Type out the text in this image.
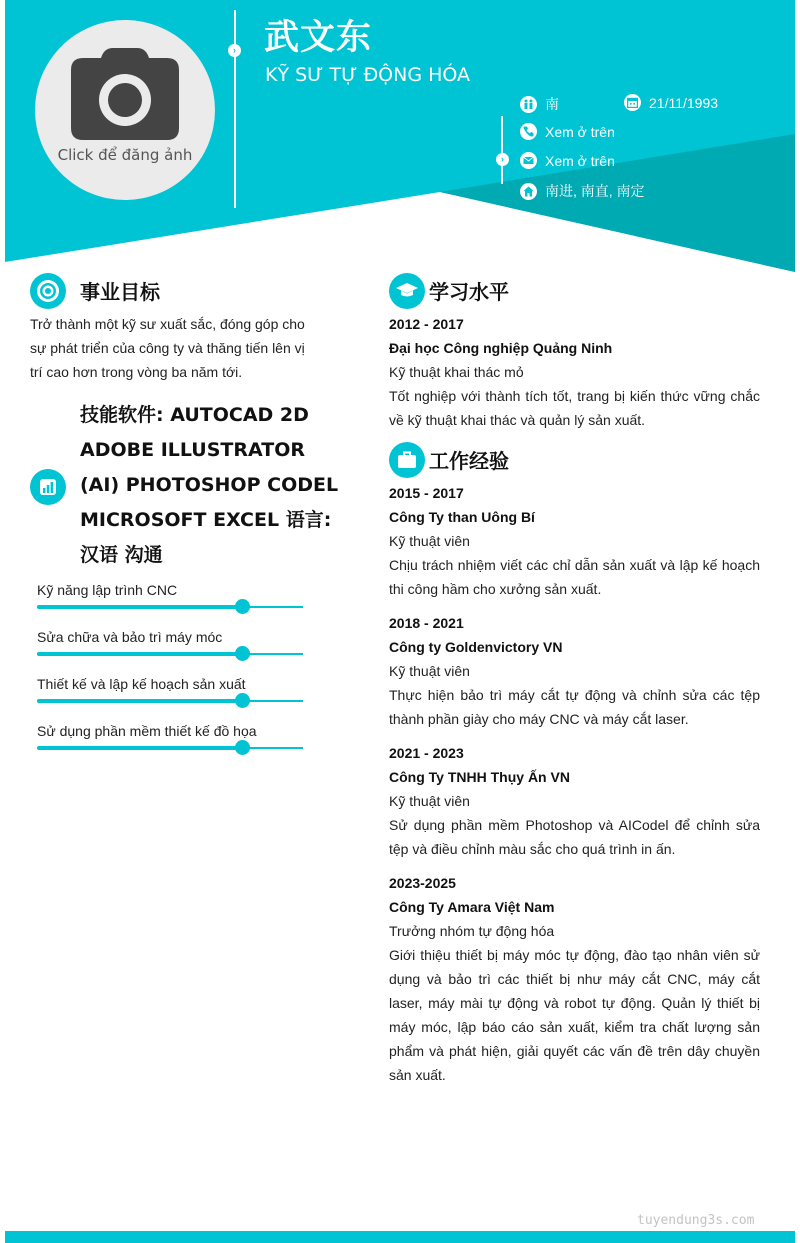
Click để đăng ảnh
›
›
武文东
KỸ SƯ TỰ ĐỘNG HÓA
南	21/11/1993
Xem ở trên
Xem ở trên
南进, 南直, 南定
事业目标
Trở thành một kỹ sư xuất sắc, đóng góp cho sự phát triển của công ty và thăng tiến lên vị trí cao hơn trong vòng ba năm tới.
技能软件: AUTOCAD 2D ADOBE ILLUSTRATOR (AI) PHOTOSHOP CODEL MICROSOFT EXCEL 语言: 汉语 沟通
Kỹ năng lập trình CNC
Sửa chữa và bảo trì máy móc
Thiết kế và lập kế hoạch sản xuất
Sử dụng phần mềm thiết kế đồ họa
学习水平
2012 - 2017
Đại học Công nghiệp Quảng Ninh
Kỹ thuật khai thác mỏ
Tốt nghiệp với thành tích tốt, trang bị kiến thức vững chắc về kỹ thuật khai thác và quản lý sản xuất.
工作经验
2015 - 2017
Công Ty than Uông Bí
Kỹ thuật viên
Chịu trách nhiệm viết các chỉ dẫn sản xuất và lập kế hoạch thi công hầm cho xưởng sản xuất.
2018 - 2021
Công ty Goldenvictory VN
Kỹ thuật viên
Thực hiện bảo trì máy cắt tự động và chỉnh sửa các tệp thành phần giày cho máy CNC và máy cắt laser.
2021 - 2023
Công Ty TNHH Thụy Ấn VN
Kỹ thuật viên
Sử dụng phần mềm Photoshop và AICodel để chỉnh sửa tệp và điều chỉnh màu sắc cho quá trình in ấn.
2023-2025
Công Ty Amara Việt Nam
Trưởng nhóm tự động hóa
Giới thiệu thiết bị máy móc tự động, đào tạo nhân viên sử dụng và bảo trì các thiết bị như máy cắt CNC, máy cắt laser, máy mài tự động và robot tự động. Quản lý thiết bị máy móc, lập báo cáo sản xuất, kiểm tra chất lượng sản phẩm và phát hiện, giải quyết các vấn đề trên dây chuyền sản xuất.
tuyendung3s.com
